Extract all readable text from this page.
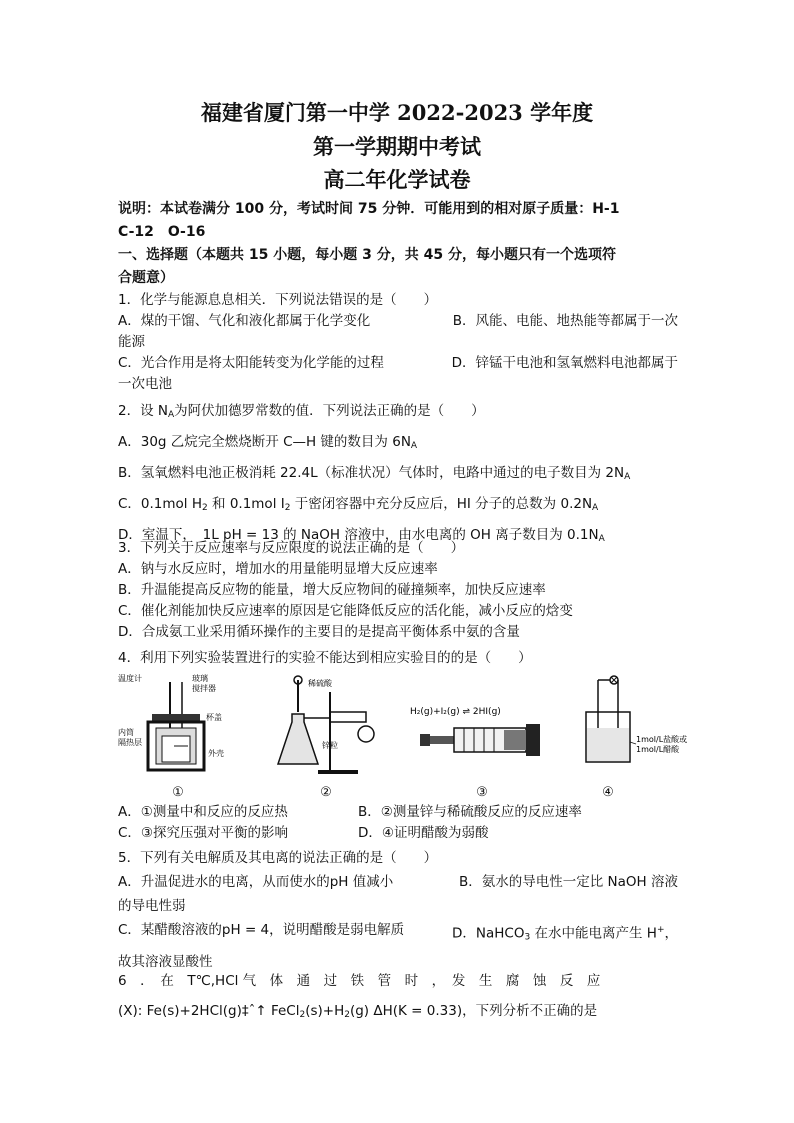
福建省厦门第一中学 2022-2023 学年度
第一学期期中考试
高二年化学试卷
说明：本试卷满分 100 分，考试时间 75 分钟．可能用到的相对原子质量：H-1
C-12　O-16
一、选择题（本题共 15 小题，每小题 3 分，共 45 分，每小题只有一个选项符
合题意）
1．化学与能源息息相关．下列说法错误的是（　　）
A．煤的干馏、气化和液化都属于化学变化	B．风能、电能、地热能等都属于一次
能源
C．光合作用是将太阳能转变为化学能的过程	D．锌锰干电池和氢氧燃料电池都属于
一次电池
2．设 $N_A$为阿伏加德罗常数的值．下列说法正确的是（　　）
A．30g 乙烷完全燃烧断开 C—H 键的数目为 $6N_A$
B．氢氧燃料电池正极消耗 22.4L（标准状况）气体时，电路中通过的电子数目为 $2N_A$
C．0.1mol $H_2$ 和 0.1mol $I_2$ 于密闭容器中充分反应后，HI 分子的总数为 $0.2N_A$
D．室温下，　1L pH = 13 的 NaOH 溶液中，由水电离的 OH 离子数目为 $0.1N_A$
3．下列关于反应速率与反应限度的说法正确的是（　　）
A．钠与水反应时，增加水的用量能明显增大反应速率
B．升温能提高反应物的能量，增大反应物间的碰撞频率，加快反应速率
C．催化剂能加快反应速率的原因是它能降低反应的活化能，减小反应的焓变
D．合成氨工业采用循环操作的主要目的是提高平衡体系中氨的含量
4．利用下列实验装置进行的实验不能达到相应实验目的的是（　　）
温度计	玻璃
搅拌器
杯盖
内筒
隔热层
外壳
①
稀硫酸
锌粒
②
H₂(g)+I₂(g) ⇌ 2HI(g)
③
1mol/L盐酸或
1mol/L醋酸
④
A．①测量中和反应的反应热	B．②测量锌与稀硫酸反应的反应速率
C．③探究压强对平衡的影响	D．④证明醋酸为弱酸
5．下列有关电解质及其电离的说法正确的是（　　）
A．升温促进水的电离，从而使水的pH 值减小	B．氨水的导电性一定比 NaOH 溶液
的导电性弱
C．某醋酸溶液的pH = 4，说明醋酸是弱电解质	D．NaHCO$_3$ 在水中能电离产生 H+，
故其溶液显酸性
6　．　在　T℃,HCl 气　体　通　过　铁　管　时　，　发　生　腐　蚀　反　应
(X): Fe(s)+2HCl(g)‡ˆ↑ $FeCl_2(s)+H_2(g) \Delta H(K = 0.33)$，下列分析不正确的是
